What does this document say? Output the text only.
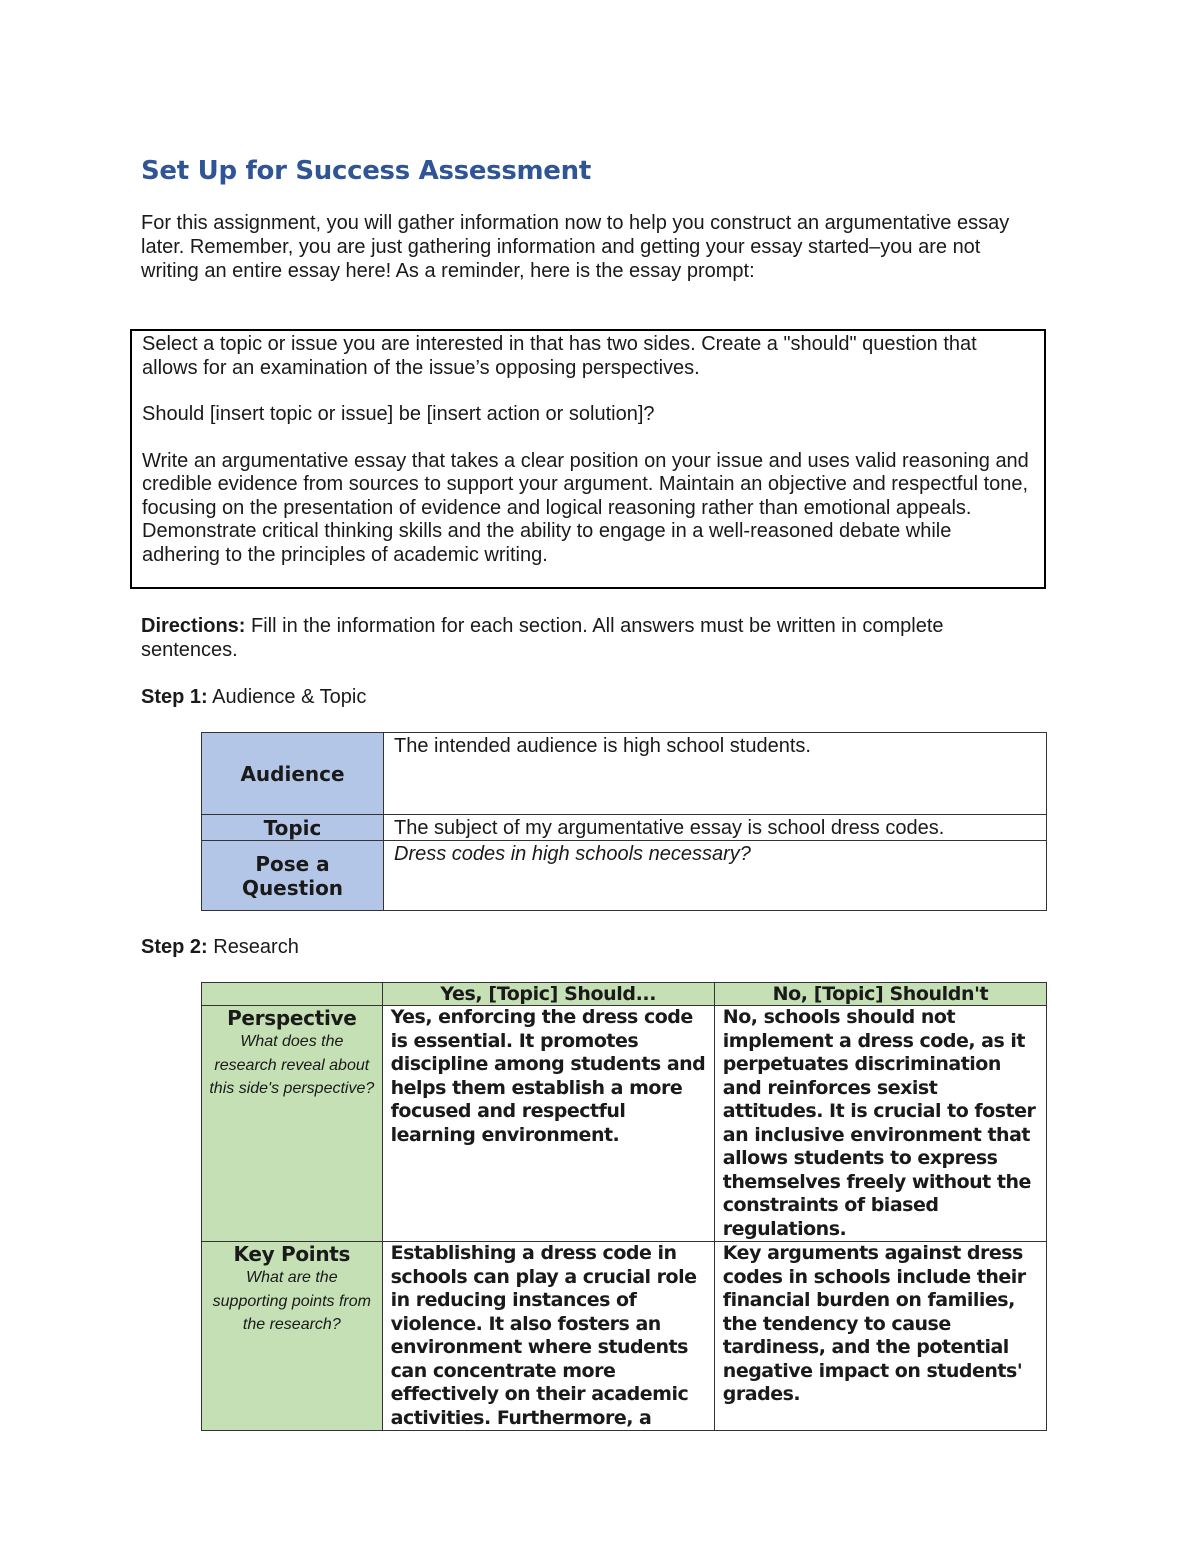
Set Up for Success Assessment

For this assignment, you will gather information now to help you construct an argumentative essay later. Remember, you are just gathering information and getting your essay started–you are not writing an entire essay here! As a reminder, here is the essay prompt:

Select a topic or issue you are interested in that has two sides. Create a "should" question that allows for an examination of the issue’s opposing perspectives.

Should [insert topic or issue] be [insert action or solution]?

Write an argumentative essay that takes a clear position on your issue and uses valid reasoning and credible evidence from sources to support your argument. Maintain an objective and respectful tone, focusing on the presentation of evidence and logical reasoning rather than emotional appeals. Demonstrate critical thinking skills and the ability to engage in a well-reasoned debate while adhering to the principles of academic writing.

Directions: Fill in the information for each section. All answers must be written in complete sentences.

Step 1: Audience & Topic

Audience	The intended audience is high school students.
Topic	The subject of my argumentative essay is school dress codes.
Pose a Question	Dress codes in high schools necessary?

Step 2: Research

	Yes, [Topic] Should...	No, [Topic] Shouldn't

Perspective
What does the research reveal about this side's perspective?	Yes, enforcing the dress code is essential. It promotes discipline among students and helps them establish a more focused and respectful learning environment.	No, schools should not implement a dress code, as it perpetuates discrimination and reinforces sexist attitudes. It is crucial to foster an inclusive environment that allows students to express themselves freely without the constraints of biased regulations.

Key Points
What are the supporting points from the research?	Establishing a dress code in schools can play a crucial role in reducing instances of violence. It also fosters an environment where students can concentrate more effectively on their academic activities. Furthermore, a	Key arguments against dress codes in schools include their financial burden on families, the tendency to cause tardiness, and the potential negative impact on students' grades.
